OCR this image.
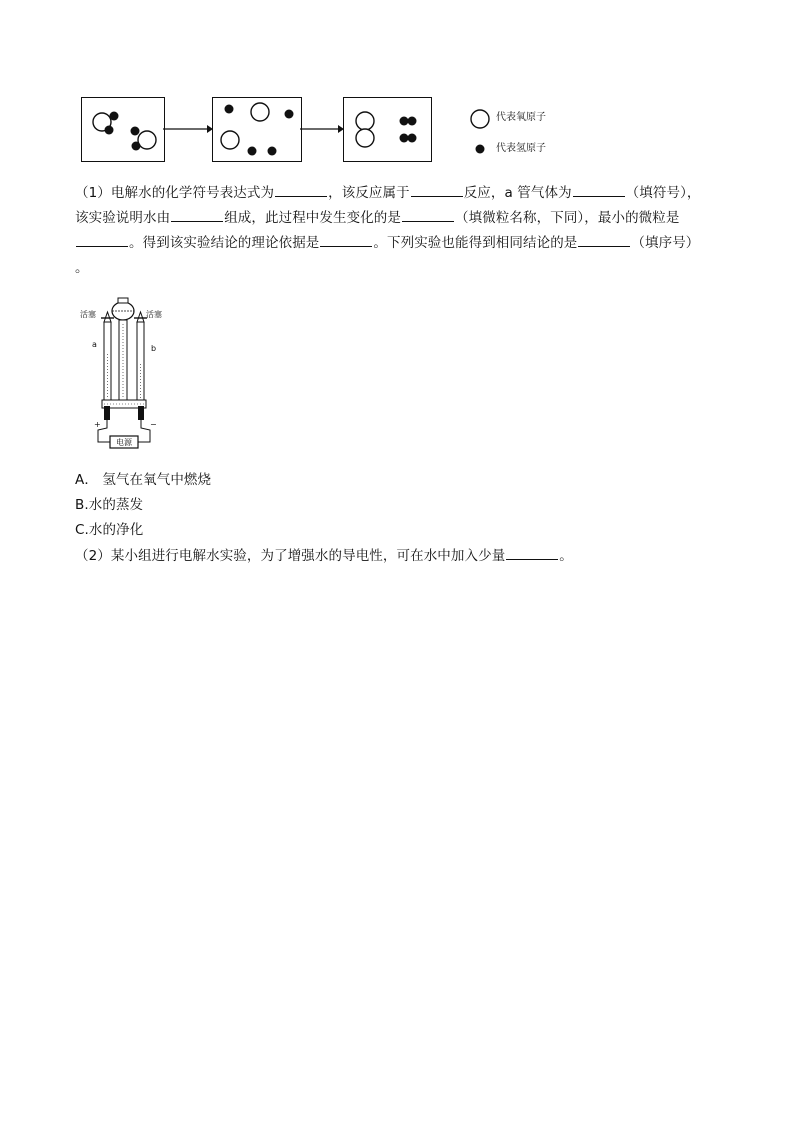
代表氧原子
代表氢原子
（1）电解水的化学符号表达式为	，该反应属于	反应，a 管气体为	（填符号），
该实验说明水由	组成，此过程中发生变化的是	（填微粒名称，下同），最小的微粒是
。得到该实验结论的理论依据是	。下列实验也能得到相同结论的是	（填序号）
。
活塞	活塞
a	b
+	−
电源
A． 氢气在氧气中燃烧
B.水的蒸发
C.水的净化
（2）某小组进行电解水实验，为了增强水的导电性，可在水中加入少量	。
